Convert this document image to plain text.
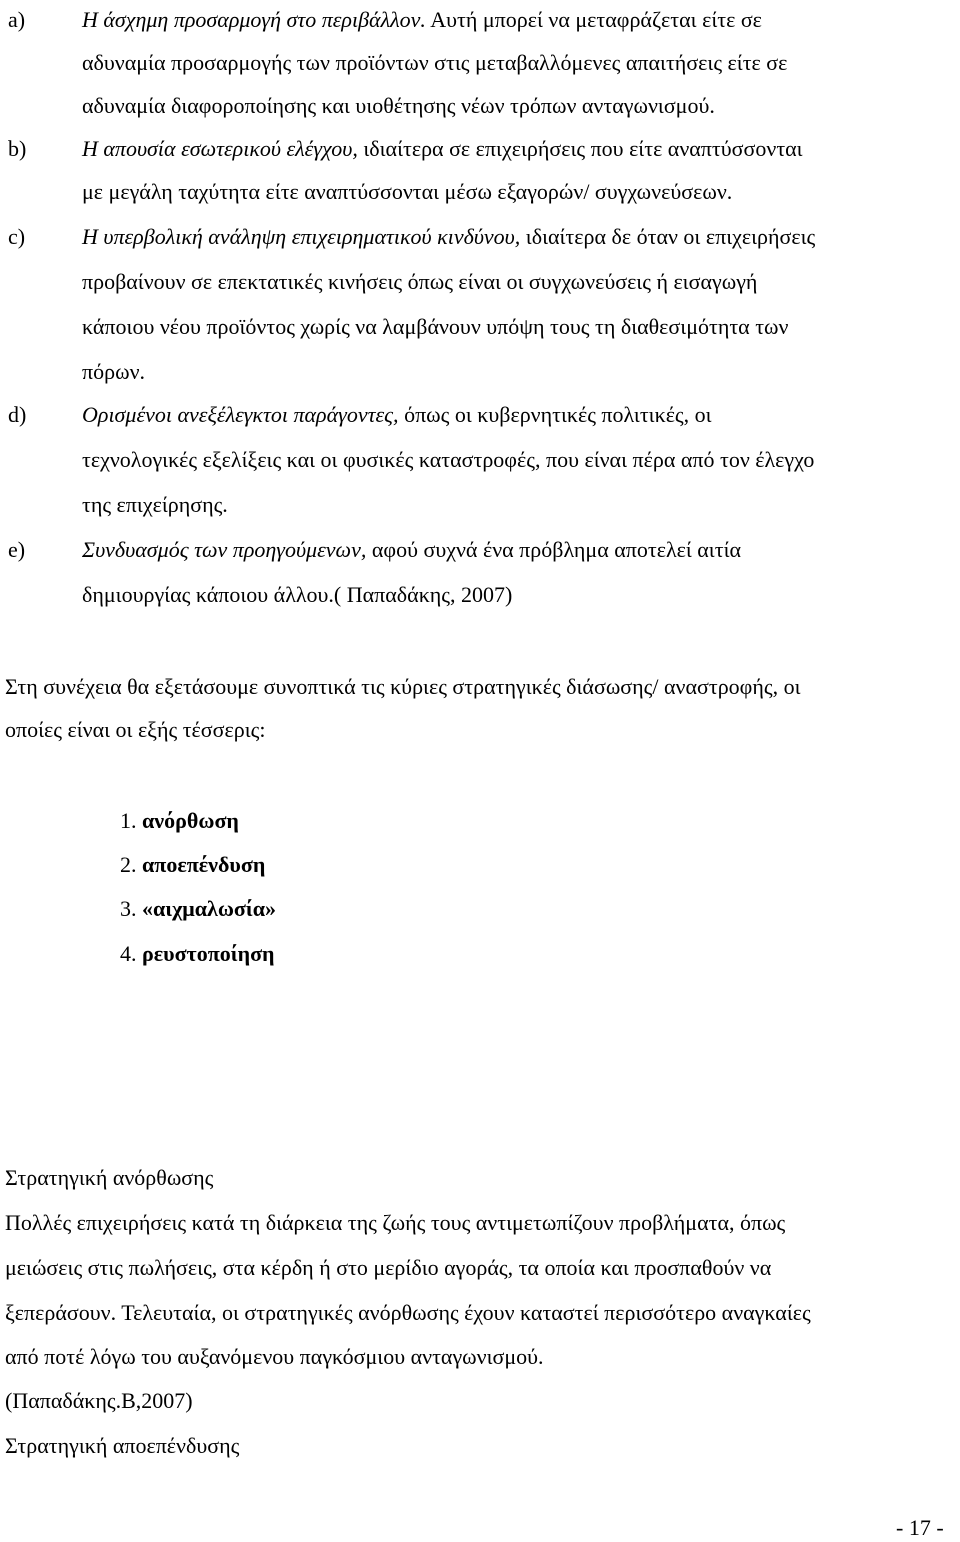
a)	Η άσχημη προσαρμογή στο περιβάλλον. Αυτή μπορεί να μεταφράζεται είτε σε
αδυναμία προσαρμογής των προϊόντων στις μεταβαλλόμενες απαιτήσεις είτε σε
αδυναμία διαφοροποίησης και υιοθέτησης νέων τρόπων ανταγωνισμού.
b)	Η απουσία εσωτερικού ελέγχου, ιδιαίτερα σε επιχειρήσεις που είτε αναπτύσσονται
με μεγάλη ταχύτητα είτε αναπτύσσονται μέσω εξαγορών/ συγχωνεύσεων.
c)	Η υπερβολική ανάληψη επιχειρηματικού κινδύνου, ιδιαίτερα δε όταν οι επιχειρήσεις
προβαίνουν σε επεκτατικές κινήσεις όπως είναι οι συγχωνεύσεις ή εισαγωγή
κάποιου νέου προϊόντος χωρίς να λαμβάνουν υπόψη τους τη διαθεσιμότητα των
πόρων.
d)	Ορισμένοι ανεξέλεγκτοι παράγοντες, όπως οι κυβερνητικές πολιτικές, οι
τεχνολογικές εξελίξεις και οι φυσικές καταστροφές, που είναι πέρα από τον έλεγχο
της επιχείρησης.
e)	Συνδυασμός των προηγούμενων, αφού συχνά ένα πρόβλημα αποτελεί αιτία
δημιουργίας κάποιου άλλου.( Παπαδάκης, 2007)
Στη συνέχεια θα εξετάσουμε συνοπτικά τις κύριες στρατηγικές διάσωσης/ αναστροφής, οι
οποίες είναι οι εξής τέσσερις:
1. ανόρθωση
2. αποεπένδυση
3. «αιχμαλωσία»
4. ρευστοποίηση
Στρατηγική ανόρθωσης
Πολλές επιχειρήσεις κατά τη διάρκεια της ζωής τους αντιμετωπίζουν προβλήματα, όπως
μειώσεις στις πωλήσεις, στα κέρδη ή στο μερίδιο αγοράς, τα οποία και προσπαθούν να
ξεπεράσουν. Τελευταία, οι στρατηγικές ανόρθωσης έχουν καταστεί περισσότερο αναγκαίες
από ποτέ λόγω του αυξανόμενου παγκόσμιου ανταγωνισμού.
(Παπαδάκης.Β,2007)
Στρατηγική αποεπένδυσης
- 17 -
